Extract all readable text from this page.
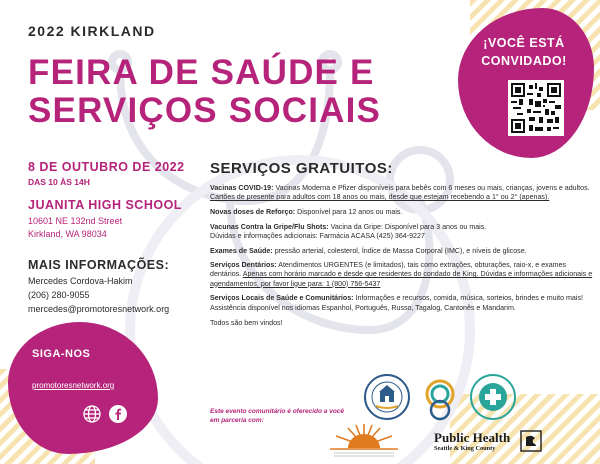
2022 KIRKLAND
FEIRA DE SAÚDE E
SERVIÇOS SOCIAIS
¡VOCÊ ESTÁ
CONVIDADO!
8 DE OUTUBRO DE 2022
DAS 10 ÀS 14H
JUANITA HIGH SCHOOL
10601 NE 132nd Street
Kirkland, WA 98034
MAIS INFORMAÇÕES:
Mercedes Cordova-Hakim
(206) 280-9055
mercedes@promotoresnetwork.org
SIGA-NOS
promotoresnetwork.org
SERVIÇOS GRATUITOS:
Vacinas COVID-19: Vacinas Moderna e Pfizer disponíveis para bebês com 6 meses ou mais, crianças, jovens e adultos.
Cartões de presente para adultos com 18 anos ou mais, desde que estejam recebendo a 1° ou 2° (apenas).
Novas doses de Reforço: Disponível para 12 anos ou mais.
Vacunas Contra la Gripe/Flu Shots: Vacina da Gripe: Disponível para 3 anos ou mais.
Dúvidas e informações adicionais: Farmácia ACASA (425) 364-9227
Exames de Saúde: pressão arterial, colesterol, Índice de Massa Corporal (IMC), e níveis de glicose.
Serviços Dentários: Atendimentos URGENTES (e limitados), tais como extrações, obturações, raio-x, e exames dentários. Apenas com horário marcado e desde que residentes do condado de King. Dúvidas e informações adicionais e agendamentos, por favor ligue para: 1 (800) 756-5437
Serviços Locais de Saúde e Comunitários: Informações e recursos, comida, música, sorteios, brindes e muito mais! Assistência disponível nos idiomas Espanhol, Português, Russo, Tagalog, Cantonês e Mandarim.
Todos são bem vindos!
Este evento comunitário é oferecido a você em parceria com:
Public Health
Seattle & King County
